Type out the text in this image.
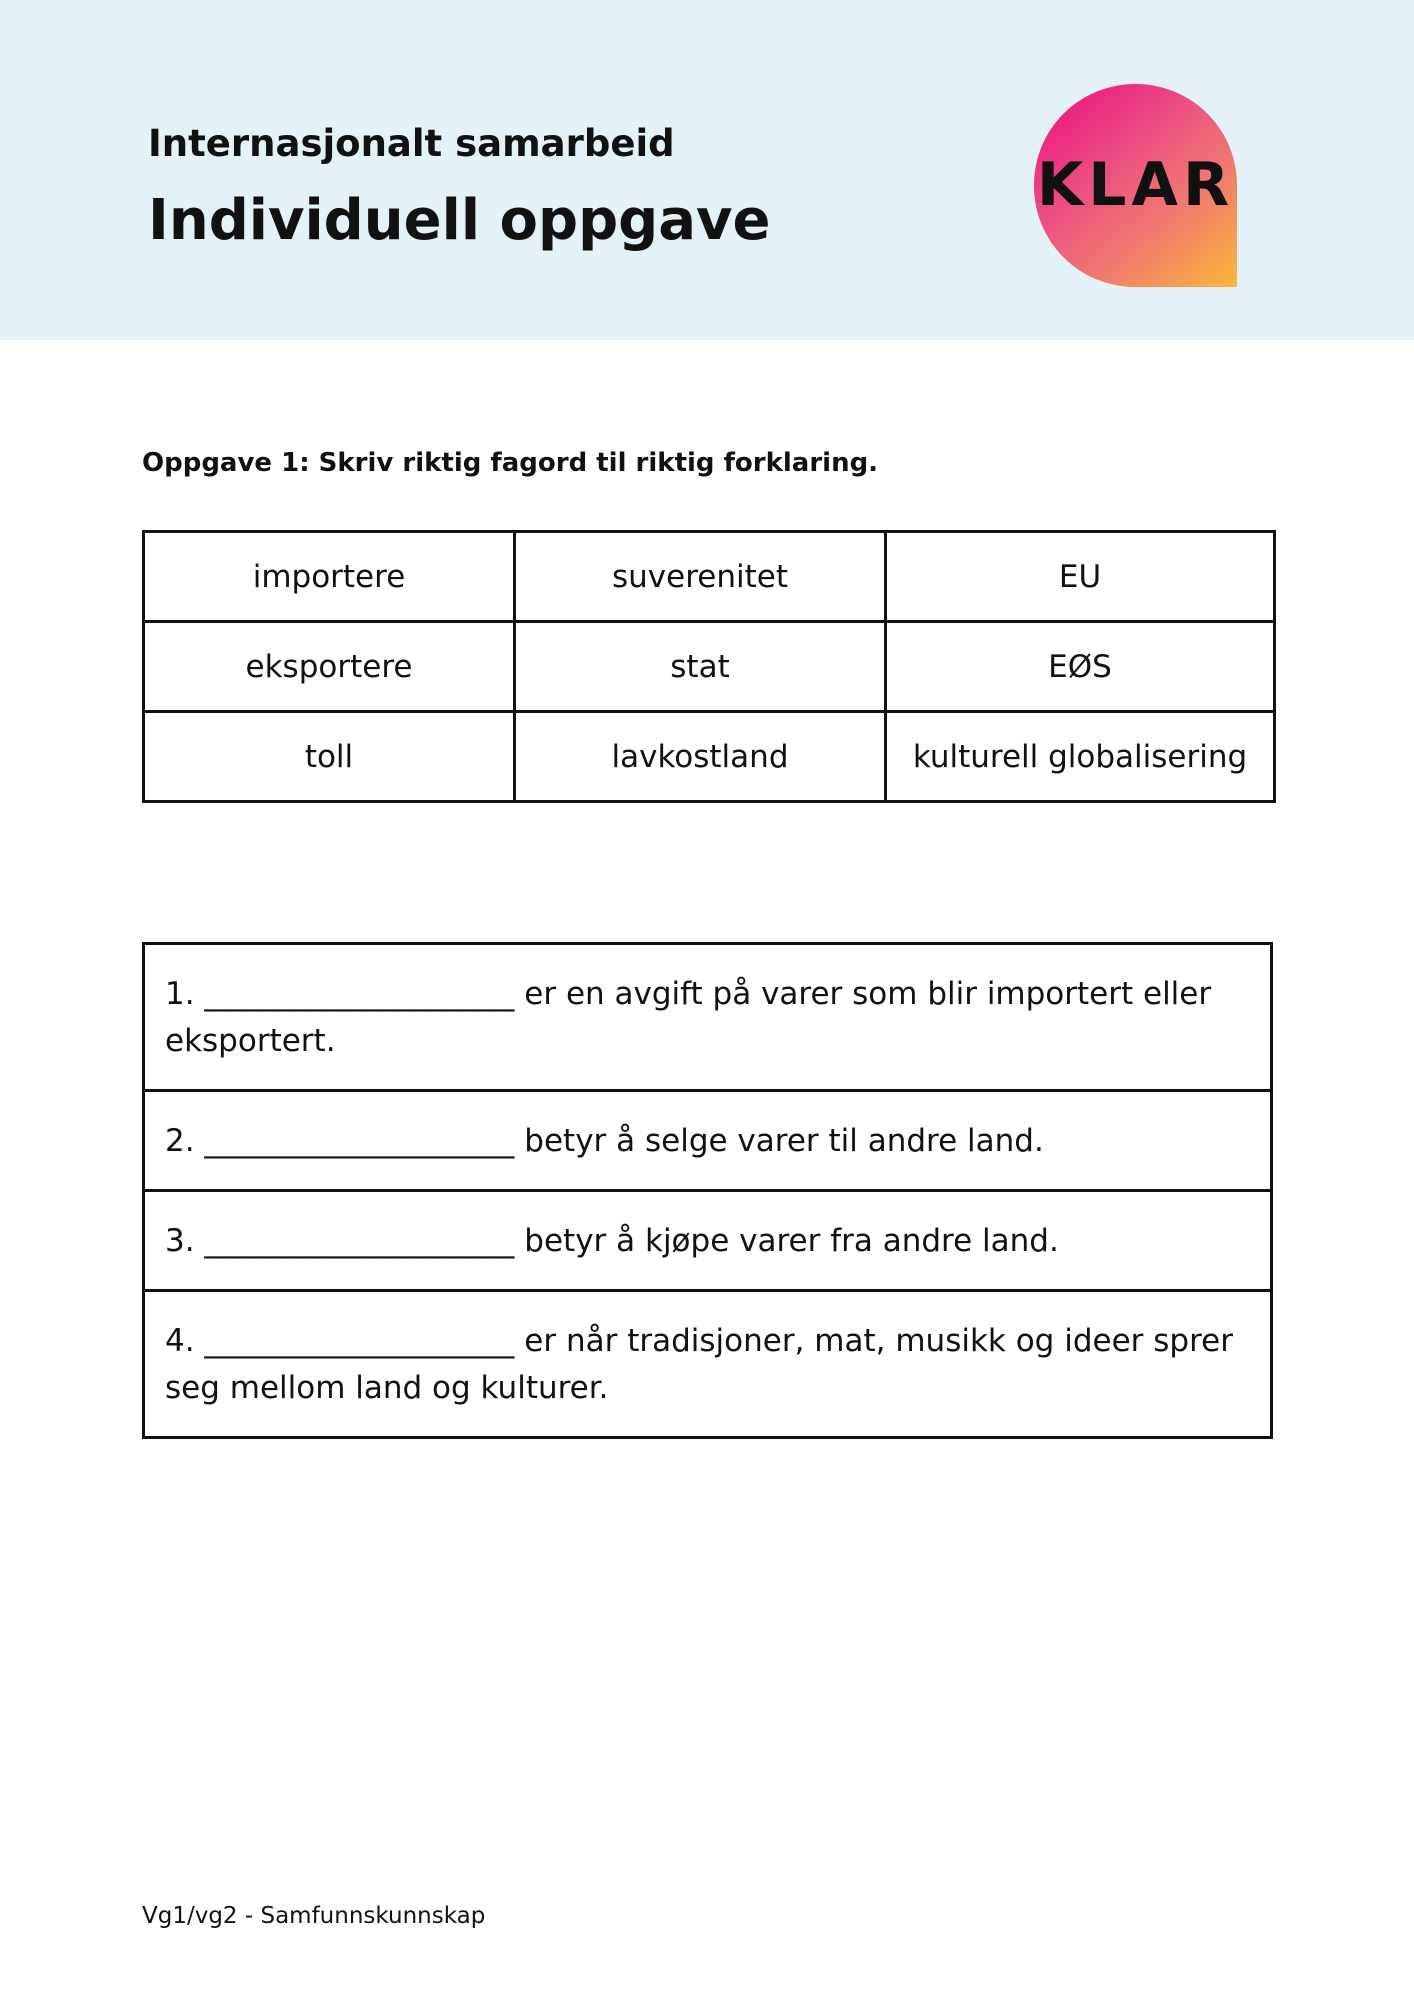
Internasjonalt samarbeid
Individuell oppgave
KLAR
Oppgave 1: Skriv riktig fagord til riktig forklaring.
importere	suverenitet	EU
eksportere	stat	EØS
toll	lavkostland	kulturell globalisering
1. ____________________ er en avgift på varer som blir importert eller eksportert.
2. ____________________ betyr å selge varer til andre land.
3. ____________________ betyr å kjøpe varer fra andre land.
4. ____________________ er når tradisjoner, mat, musikk og ideer sprer seg mellom land og kulturer.
Vg1/vg2 - Samfunnskunnskap
